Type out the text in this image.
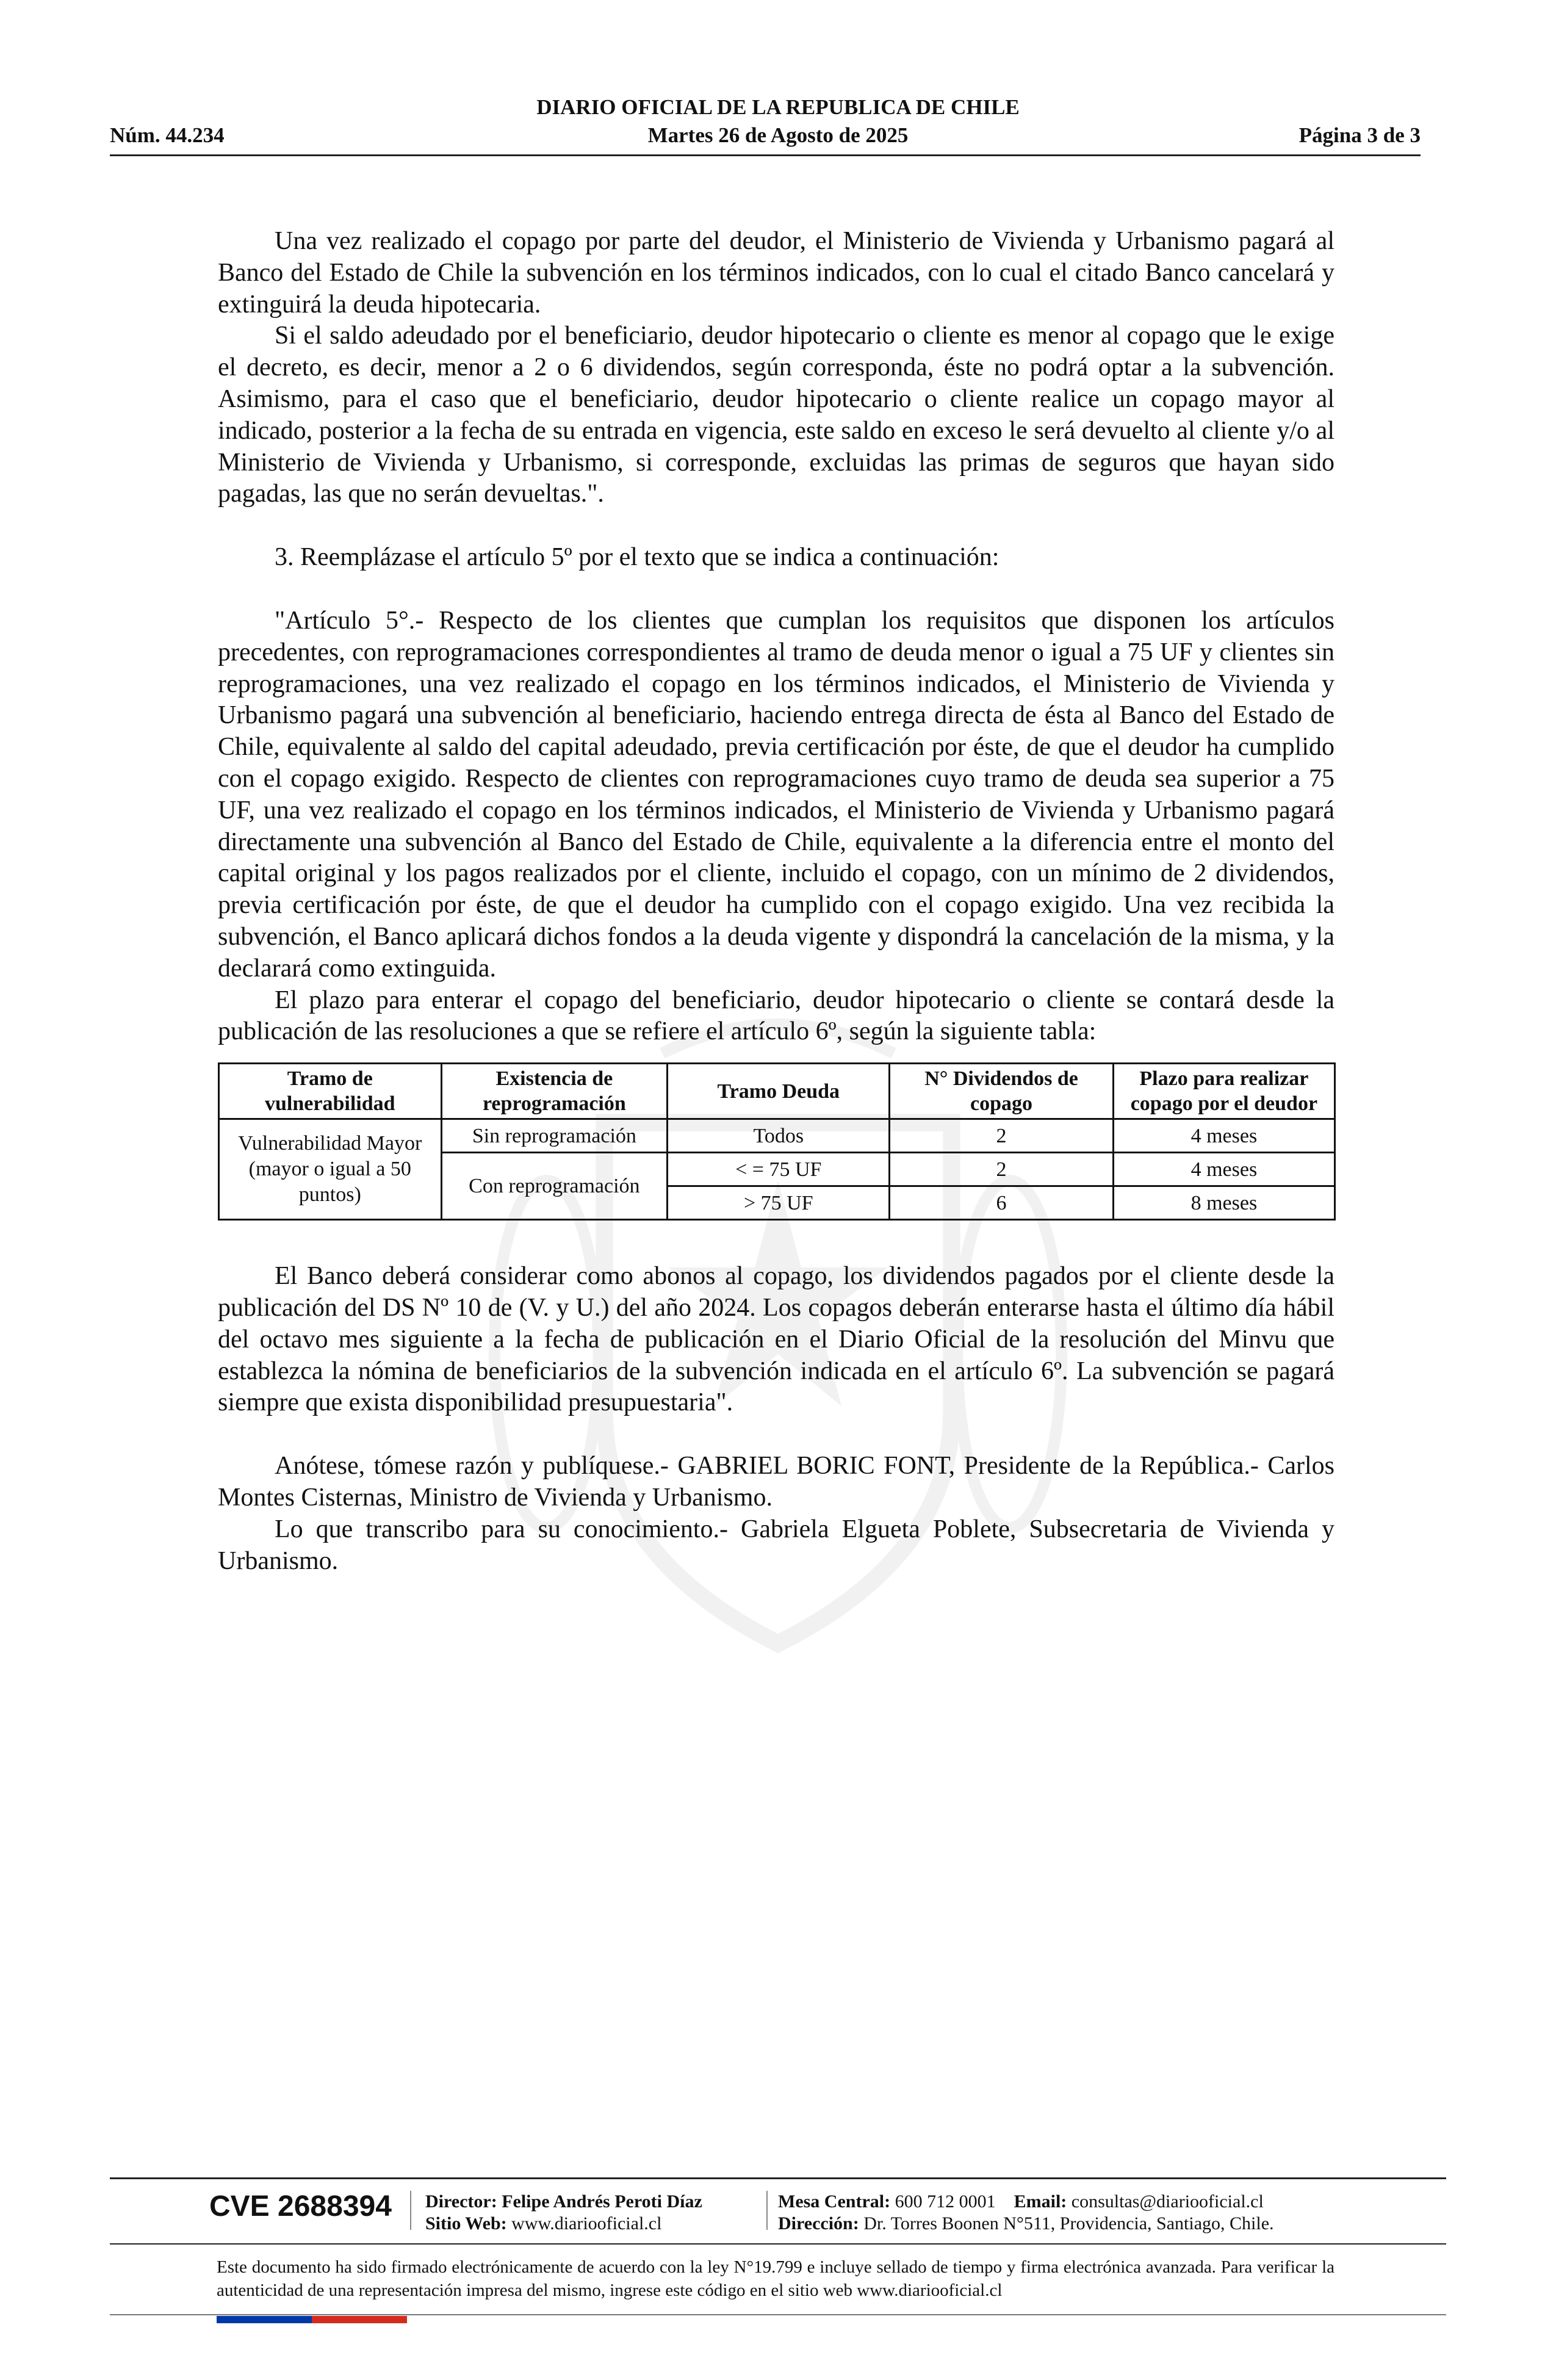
DIARIO OFICIAL DE LA REPUBLICA DE CHILE
Núm. 44.234	Martes 26 de Agosto de 2025	Página 3 de 3

Una vez realizado el copago por parte del deudor, el Ministerio de Vivienda y Urbanismo pagará al Banco del Estado de Chile la subvención en los términos indicados, con lo cual el citado Banco cancelará y extinguirá la deuda hipotecaria.

Si el saldo adeudado por el beneficiario, deudor hipotecario o cliente es menor al copago que le exige el decreto, es decir, menor a 2 o 6 dividendos, según corresponda, éste no podrá optar a la subvención. Asimismo, para el caso que el beneficiario, deudor hipotecario o cliente realice un copago mayor al indicado, posterior a la fecha de su entrada en vigencia, este saldo en exceso le será devuelto al cliente y/o al Ministerio de Vivienda y Urbanismo, si corresponde, excluidas las primas de seguros que hayan sido pagadas, las que no serán devueltas.".

3. Reemplázase el artículo 5º por el texto que se indica a continuación:

"Artículo 5°.- Respecto de los clientes que cumplan los requisitos que disponen los artículos precedentes, con reprogramaciones correspondientes al tramo de deuda menor o igual a 75 UF y clientes sin reprogramaciones, una vez realizado el copago en los términos indicados, el Ministerio de Vivienda y Urbanismo pagará una subvención al beneficiario, haciendo entrega directa de ésta al Banco del Estado de Chile, equivalente al saldo del capital adeudado, previa certificación por éste, de que el deudor ha cumplido con el copago exigido. Respecto de clientes con reprogramaciones cuyo tramo de deuda sea superior a 75 UF, una vez realizado el copago en los términos indicados, el Ministerio de Vivienda y Urbanismo pagará directamente una subvención al Banco del Estado de Chile, equivalente a la diferencia entre el monto del capital original y los pagos realizados por el cliente, incluido el copago, con un mínimo de 2 dividendos, previa certificación por éste, de que el deudor ha cumplido con el copago exigido. Una vez recibida la subvención, el Banco aplicará dichos fondos a la deuda vigente y dispondrá la cancelación de la misma, y la declarará como extinguida.

El plazo para enterar el copago del beneficiario, deudor hipotecario o cliente se contará desde la publicación de las resoluciones a que se refiere el artículo 6º, según la siguiente tabla:

Tramo de vulnerabilidad	Existencia de reprogramación	Tramo Deuda	N° Dividendos de copago	Plazo para realizar copago por el deudor
Vulnerabilidad Mayor (mayor o igual a 50 puntos)	Sin reprogramación	Todos	2	4 meses
	Con reprogramación	< = 75 UF	2	4 meses
		> 75 UF	6	8 meses

El Banco deberá considerar como abonos al copago, los dividendos pagados por el cliente desde la publicación del DS Nº 10 de (V. y U.) del año 2024. Los copagos deberán enterarse hasta el último día hábil del octavo mes siguiente a la fecha de publicación en el Diario Oficial de la resolución del Minvu que establezca la nómina de beneficiarios de la subvención indicada en el artículo 6º. La subvención se pagará siempre que exista disponibilidad presupuestaria".

Anótese, tómese razón y publíquese.- GABRIEL BORIC FONT, Presidente de la República.- Carlos Montes Cisternas, Ministro de Vivienda y Urbanismo.

Lo que transcribo para su conocimiento.- Gabriela Elgueta Poblete, Subsecretaria de Vivienda y Urbanismo.

CVE 2688394 Director: Felipe Andrés Peroti Díaz
Sitio Web: www.diariooficial.cl
Mesa Central: 600 712 0001 Email: consultas@diariooficial.cl
Dirección: Dr. Torres Boonen N°511, Providencia, Santiago, Chile.
Este documento ha sido firmado electrónicamente de acuerdo con la ley N°19.799 e incluye sellado de tiempo y firma electrónica avanzada. Para verificar la autenticidad de una representación impresa del mismo, ingrese este código en el sitio web www.diariooficial.cl
